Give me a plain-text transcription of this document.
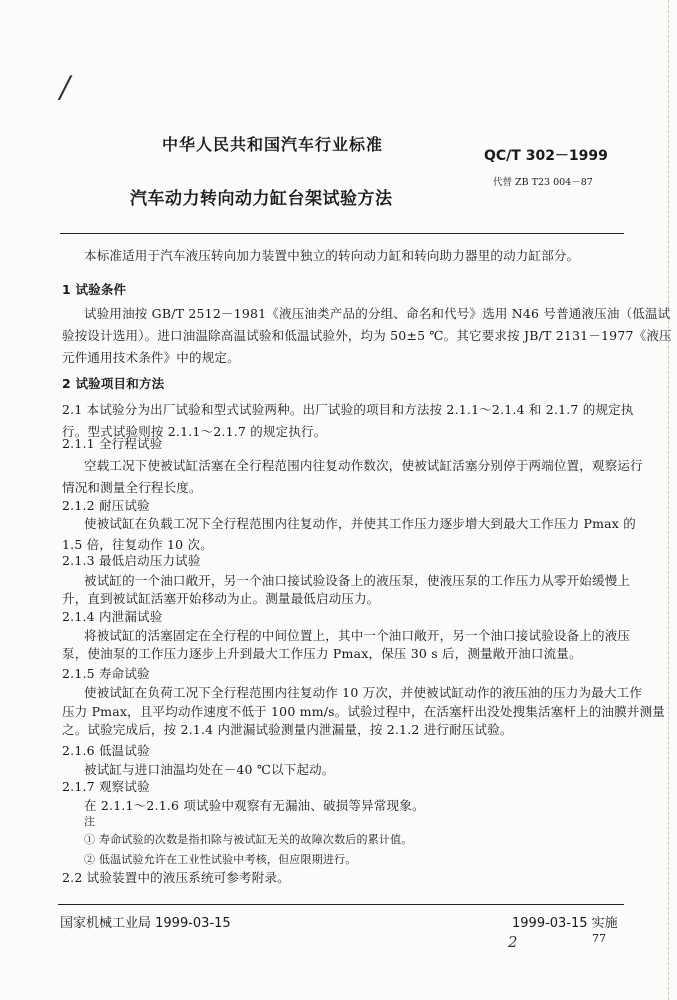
/
中华人民共和国汽车行业标准
QC/T 302－1999
汽车动力转向动力缸台架试验方法
代替 ZB T23 004－87
本标准适用于汽车液压转向加力装置中独立的转向动力缸和转向助力器里的动力缸部分。
1 试验条件
试验用油按 GB/T 2512－1981《液压油类产品的分组、命名和代号》选用 N46 号普通液压油（低温试
验按设计选用）。进口油温除高温试验和低温试验外，均为 50±5 ℃。其它要求按 JB/T 2131－1977《液压
元件通用技术条件》中的规定。
2 试验项目和方法
2.1 本试验分为出厂试验和型式试验两种。出厂试验的项目和方法按 2.1.1～2.1.4 和 2.1.7 的规定执
行。型式试验则按 2.1.1～2.1.7 的规定执行。
2.1.1 全行程试验
空载工况下使被试缸活塞在全行程范围内往复动作数次，使被试缸活塞分别停于两端位置，观察运行
情况和测量全行程长度。
2.1.2 耐压试验
使被试缸在负载工况下全行程范围内往复动作，并使其工作压力逐步增大到最大工作压力 Pmax 的
1.5 倍，往复动作 10 次。
2.1.3 最低启动压力试验
被试缸的一个油口敞开，另一个油口接试验设备上的液压泵，使液压泵的工作压力从零开始缓慢上
升，直到被试缸活塞开始移动为止。测量最低启动压力。
2.1.4 内泄漏试验
将被试缸的活塞固定在全行程的中间位置上，其中一个油口敞开，另一个油口接试验设备上的液压
泵，使油泵的工作压力逐步上升到最大工作压力 Pmax，保压 30 s 后，测量敞开油口流量。
2.1.5 寿命试验
使被试缸在负荷工况下全行程范围内往复动作 10 万次，并使被试缸动作的液压油的压力为最大工作
压力 Pmax，且平均动作速度不低于 100 mm/s。试验过程中，在活塞杆出没处搜集活塞杆上的油膜并测量
之。试验完成后，按 2.1.4 内泄漏试验测量内泄漏量，按 2.1.2 进行耐压试验。
2.1.6 低温试验
被试缸与进口油温均处在－40 ℃以下起动。
2.1.7 观察试验
在 2.1.1～2.1.6 项试验中观察有无漏油、破损等异常现象。
注
① 寿命试验的次数是指扣除与被试缸无关的故障次数后的累计值。
② 低温试验允许在工业性试验中考核，但应限期进行。
2.2 试验装置中的液压系统可参考附录。
国家机械工业局 1999-03-15	1999-03-15 实施
77
2
